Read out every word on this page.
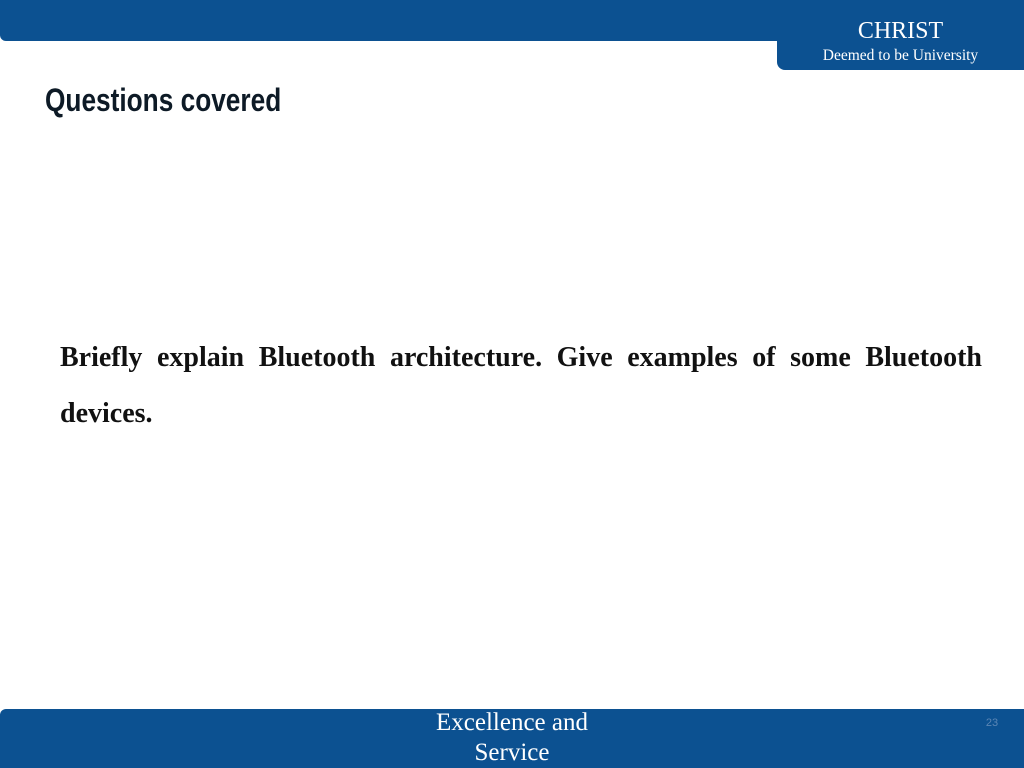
CHRIST
Deemed to be University
Questions covered

Briefly explain Bluetooth architecture. Give examples of some Bluetooth devices.

Excellence and
Service
23
